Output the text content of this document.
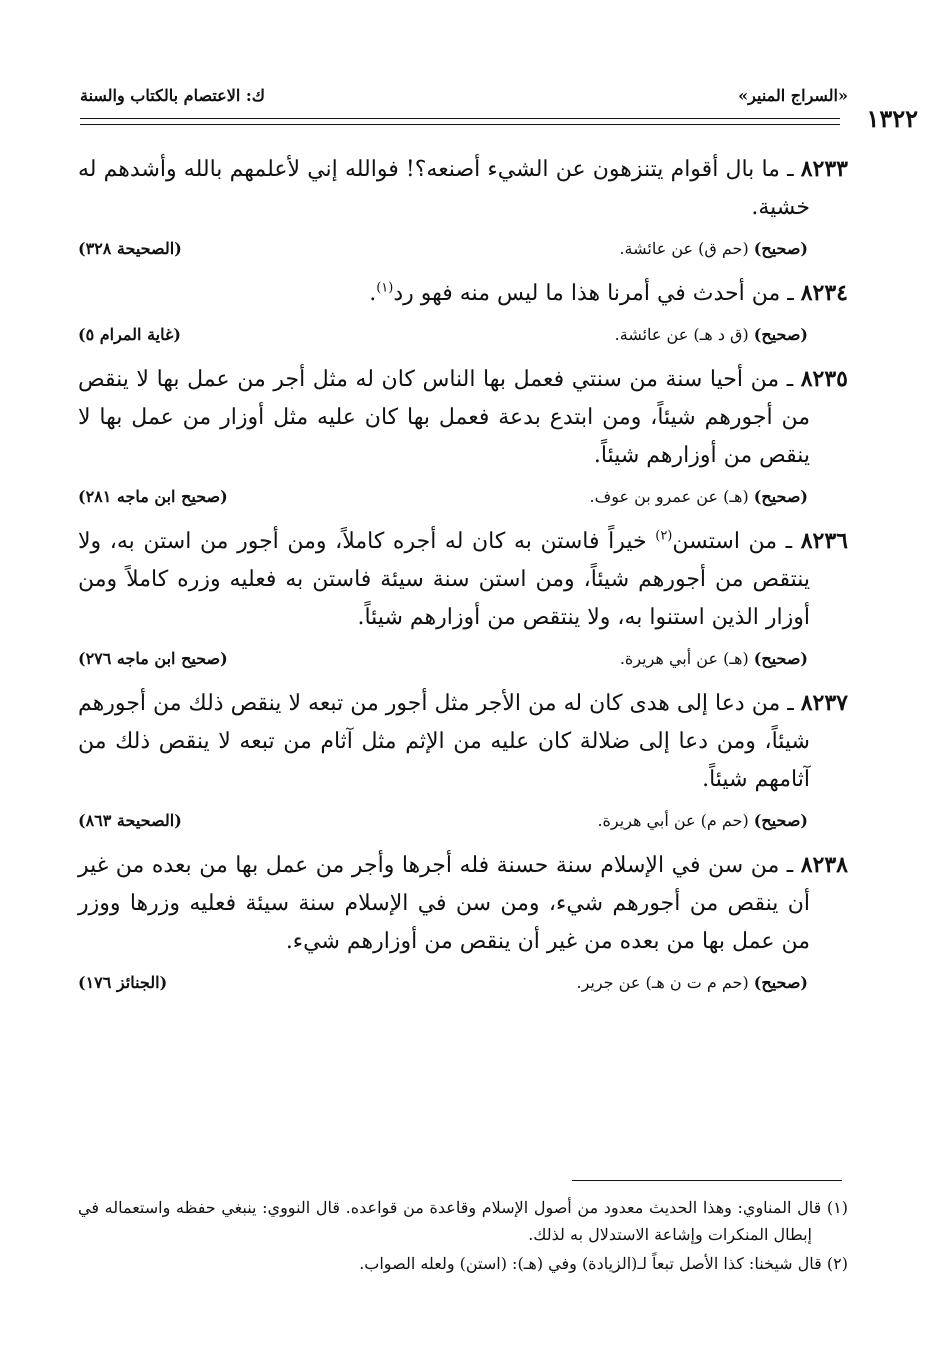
«السراج المنير»
ك: الاعتصام بالكتاب والسنة
١٣٢٢
٨٢٣٣ ـ ما بال أقوام يتنزهون عن الشيء أصنعه؟! فوالله إني لأعلمهم بالله وأشدهم له خشية.
(صحيح) (حم ق) عن عائشة.
(الصحيحة ٣٢٨)
٨٢٣٤ ـ من أحدث في أمرنا هذا ما ليس منه فهو رد$^{(١)}$.
(صحيح) (ق د هـ) عن عائشة.
(غاية المرام ٥)
٨٢٣٥ ـ من أحيا سنة من سنتي فعمل بها الناس كان له مثل أجر من عمل بها لا ينقص من أجورهم شيئاً، ومن ابتدع بدعة فعمل بها كان عليه مثل أوزار من عمل بها لا ينقص من أوزارهم شيئاً.
(صحيح) (هـ) عن عمرو بن عوف.
(صحيح ابن ماجه ٢٨١)
٨٢٣٦ ـ من استسن$^{(٢)}$ خيراً فاستن به كان له أجره كاملاً، ومن أجور من استن به، ولا ينتقص من أجورهم شيئاً، ومن استن سنة سيئة فاستن به فعليه وزره كاملاً ومن أوزار الذين استنوا به، ولا ينتقص من أوزارهم شيئاً.
(صحيح) (هـ) عن أبي هريرة.
(صحيح ابن ماجه ٢٧٦)
٨٢٣٧ ـ من دعا إلى هدى كان له من الأجر مثل أجور من تبعه لا ينقص ذلك من أجورهم شيئاً، ومن دعا إلى ضلالة كان عليه من الإثم مثل آثام من تبعه لا ينقص ذلك من آثامهم شيئاً.
(صحيح) (حم م) عن أبي هريرة.
(الصحيحة ٨٦٣)
٨٢٣٨ ـ من سن في الإسلام سنة حسنة فله أجرها وأجر من عمل بها من بعده من غير أن ينقص من أجورهم شيء، ومن سن في الإسلام سنة سيئة فعليه وزرها ووزر من عمل بها من بعده من غير أن ينقص من أوزارهم شيء.
(صحيح) (حم م ت ن هـ) عن جرير.
(الجنائز ١٧٦)
(١) قال المناوي: وهذا الحديث معدود من أصول الإسلام وقاعدة من قواعده. قال النووي: ينبغي حفظه واستعماله في إبطال المنكرات وإشاعة الاستدلال به لذلك.
(٢) قال شيخنا: كذا الأصل تبعاً لـ(الزيادة) وفي (هـ): (استن) ولعله الصواب.
